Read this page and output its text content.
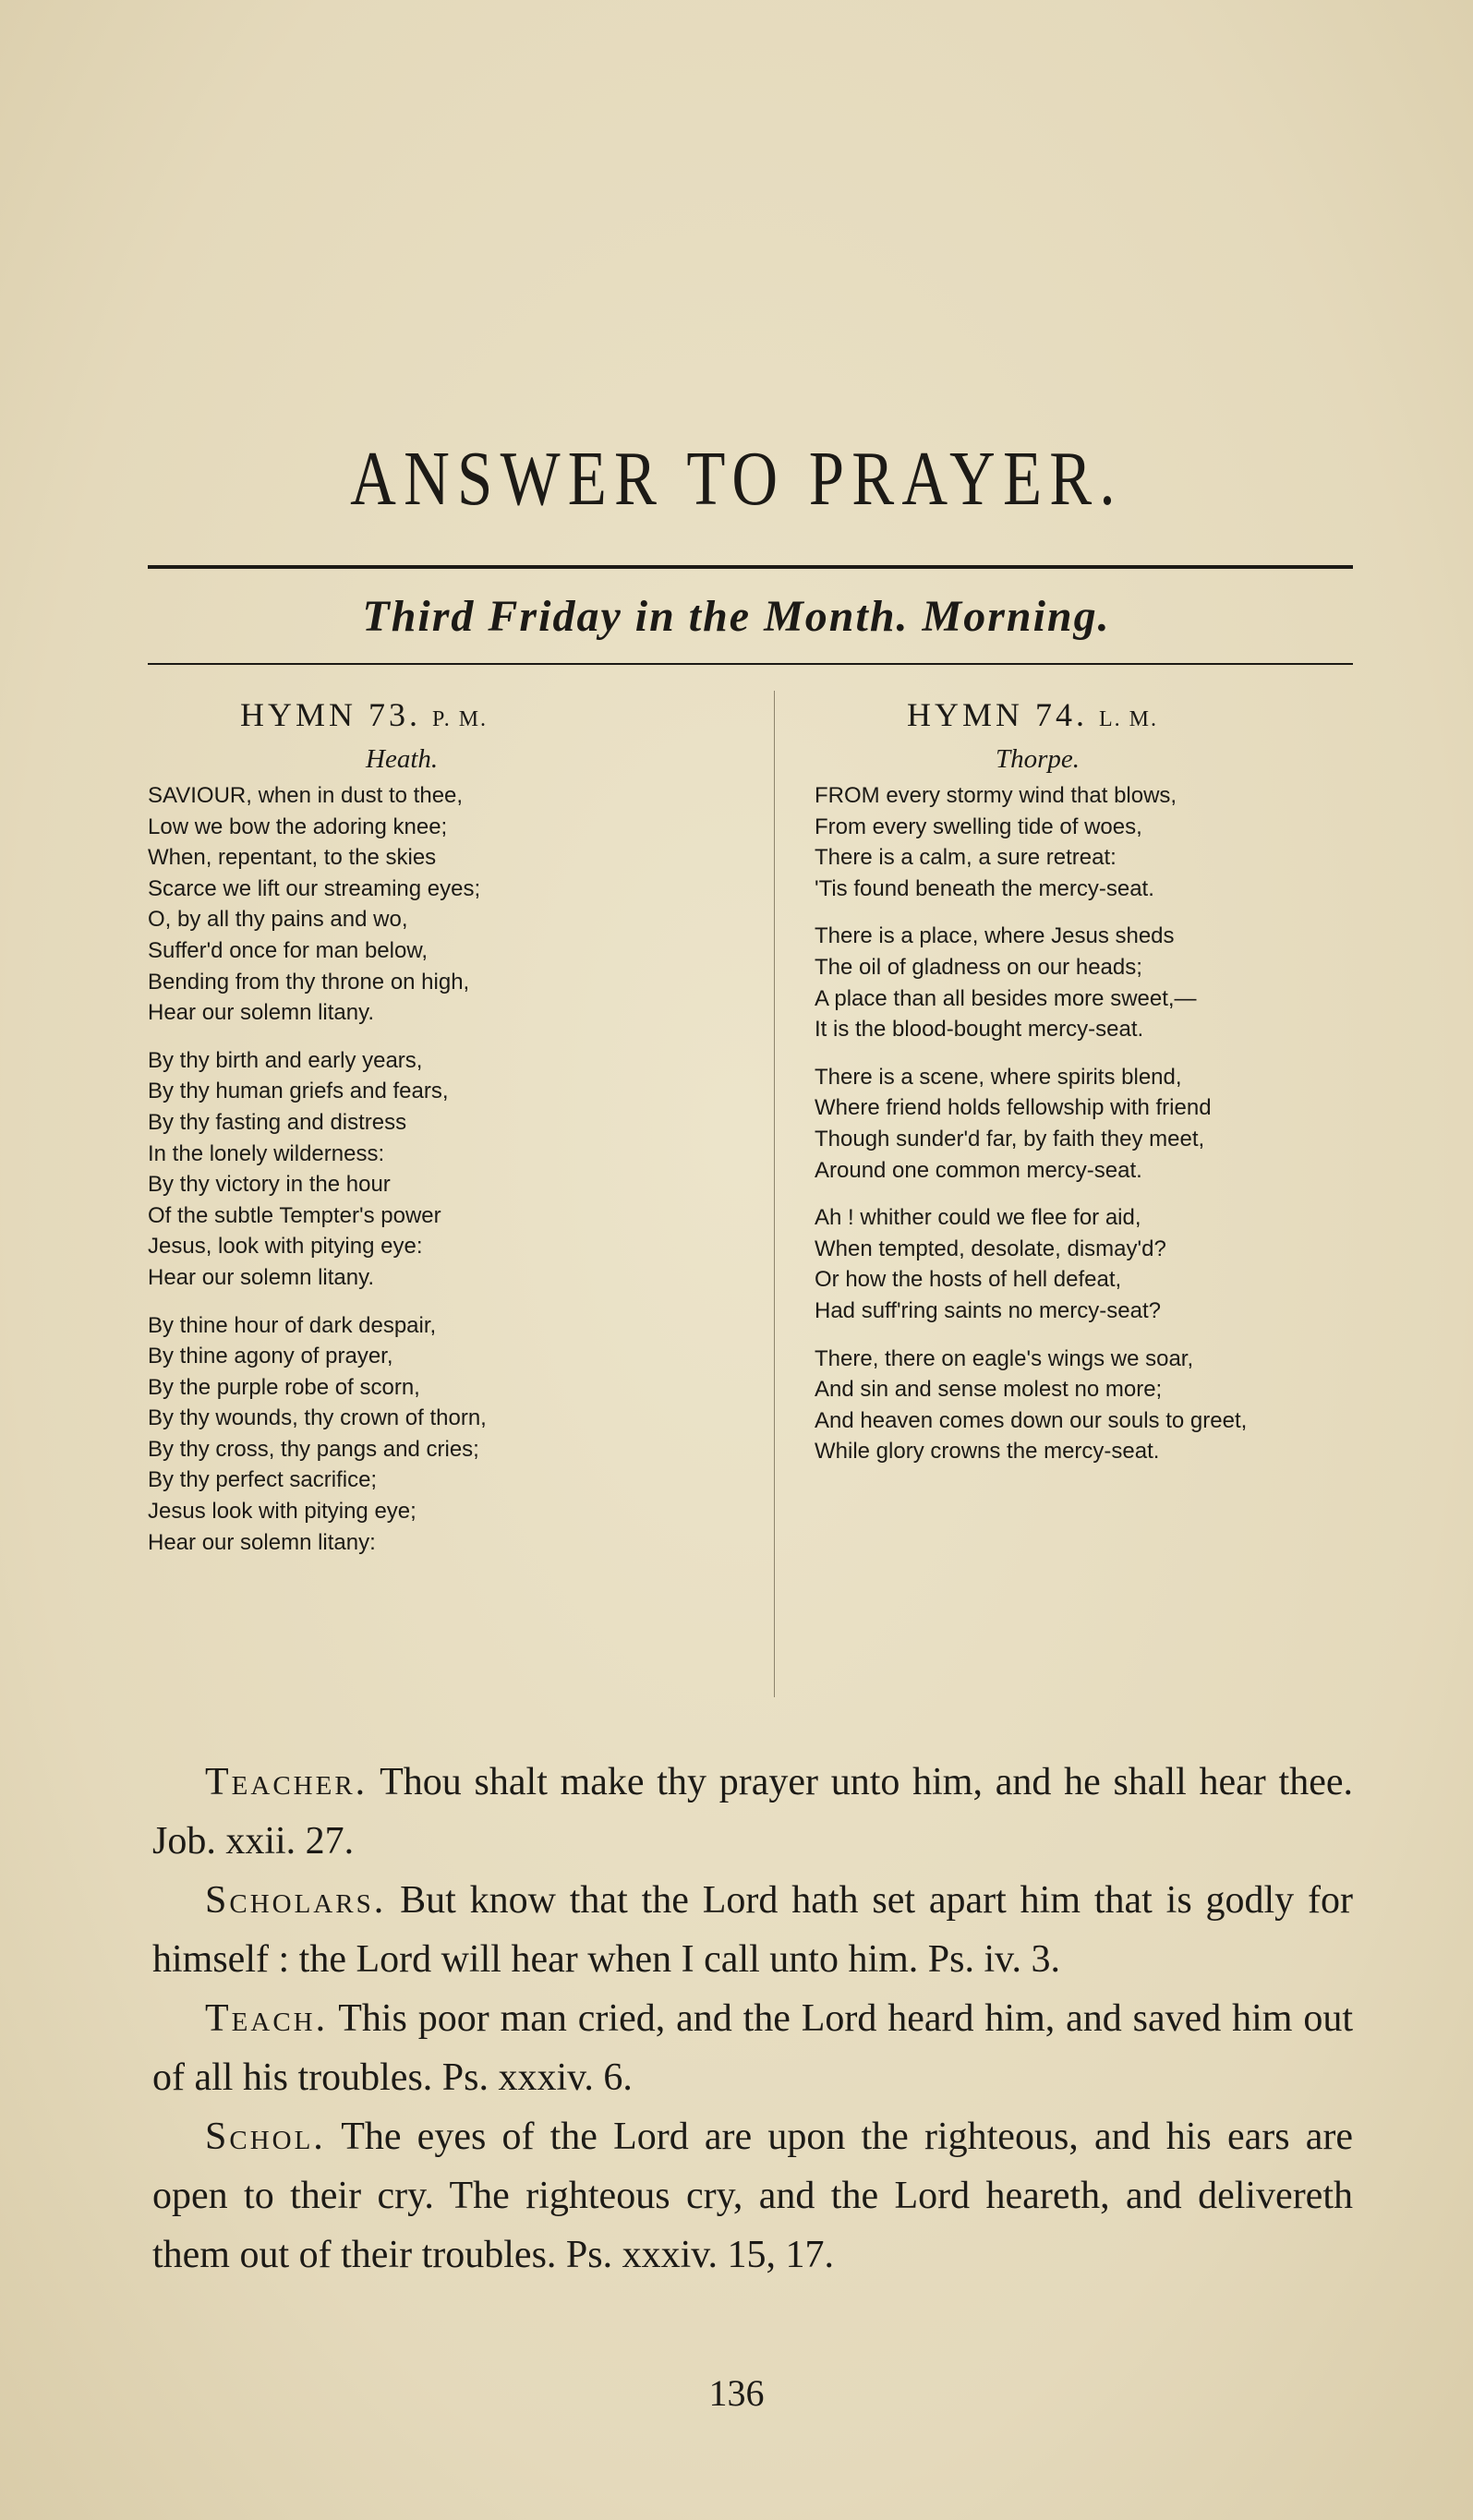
ANSWER TO PRAYER.
Third Friday in the Month. Morning.
HYMN 73. P. M.
Heath.
SAVIOUR, when in dust to thee,
Low we bow the adoring knee;
When, repentant, to the skies
Scarce we lift our streaming eyes;
O, by all thy pains and wo,
Suffer'd once for man below,
Bending from thy throne on high,
Hear our solemn litany.
By thy birth and early years,
By thy human griefs and fears,
By thy fasting and distress
In the lonely wilderness:
By thy victory in the hour
Of the subtle Tempter's power
Jesus, look with pitying eye:
Hear our solemn litany.
By thine hour of dark despair,
By thine agony of prayer,
By the purple robe of scorn,
By thy wounds, thy crown of thorn,
By thy cross, thy pangs and cries;
By thy perfect sacrifice;
Jesus look with pitying eye;
Hear our solemn litany:
HYMN 74. L. M.
Thorpe.
FROM every stormy wind that blows,
From every swelling tide of woes,
There is a calm, a sure retreat:
'Tis found beneath the mercy-seat.
There is a place, where Jesus sheds
The oil of gladness on our heads;
A place than all besides more sweet,—
It is the blood-bought mercy-seat.
There is a scene, where spirits blend,
Where friend holds fellowship with friend
Though sunder'd far, by faith they meet,
Around one common mercy-seat.
Ah ! whither could we flee for aid,
When tempted, desolate, dismay'd?
Or how the hosts of hell defeat,
Had suff'ring saints no mercy-seat?
There, there on eagle's wings we soar,
And sin and sense molest no more;
And heaven comes down our souls to greet,
While glory crowns the mercy-seat.

Teacher. Thou shalt make thy prayer unto him, and he shall hear thee. Job. xxii. 27.

Scholars. But know that the Lord hath set apart him that is godly for himself : the Lord will hear when I call unto him. Ps. iv. 3.

Teach. This poor man cried, and the Lord heard him, and saved him out of all his troubles. Ps. xxxiv. 6.

Schol. The eyes of the Lord are upon the righteous, and his ears are open to their cry. The righteous cry, and the Lord heareth, and delivereth them out of their troubles. Ps. xxxiv. 15, 17.

136
